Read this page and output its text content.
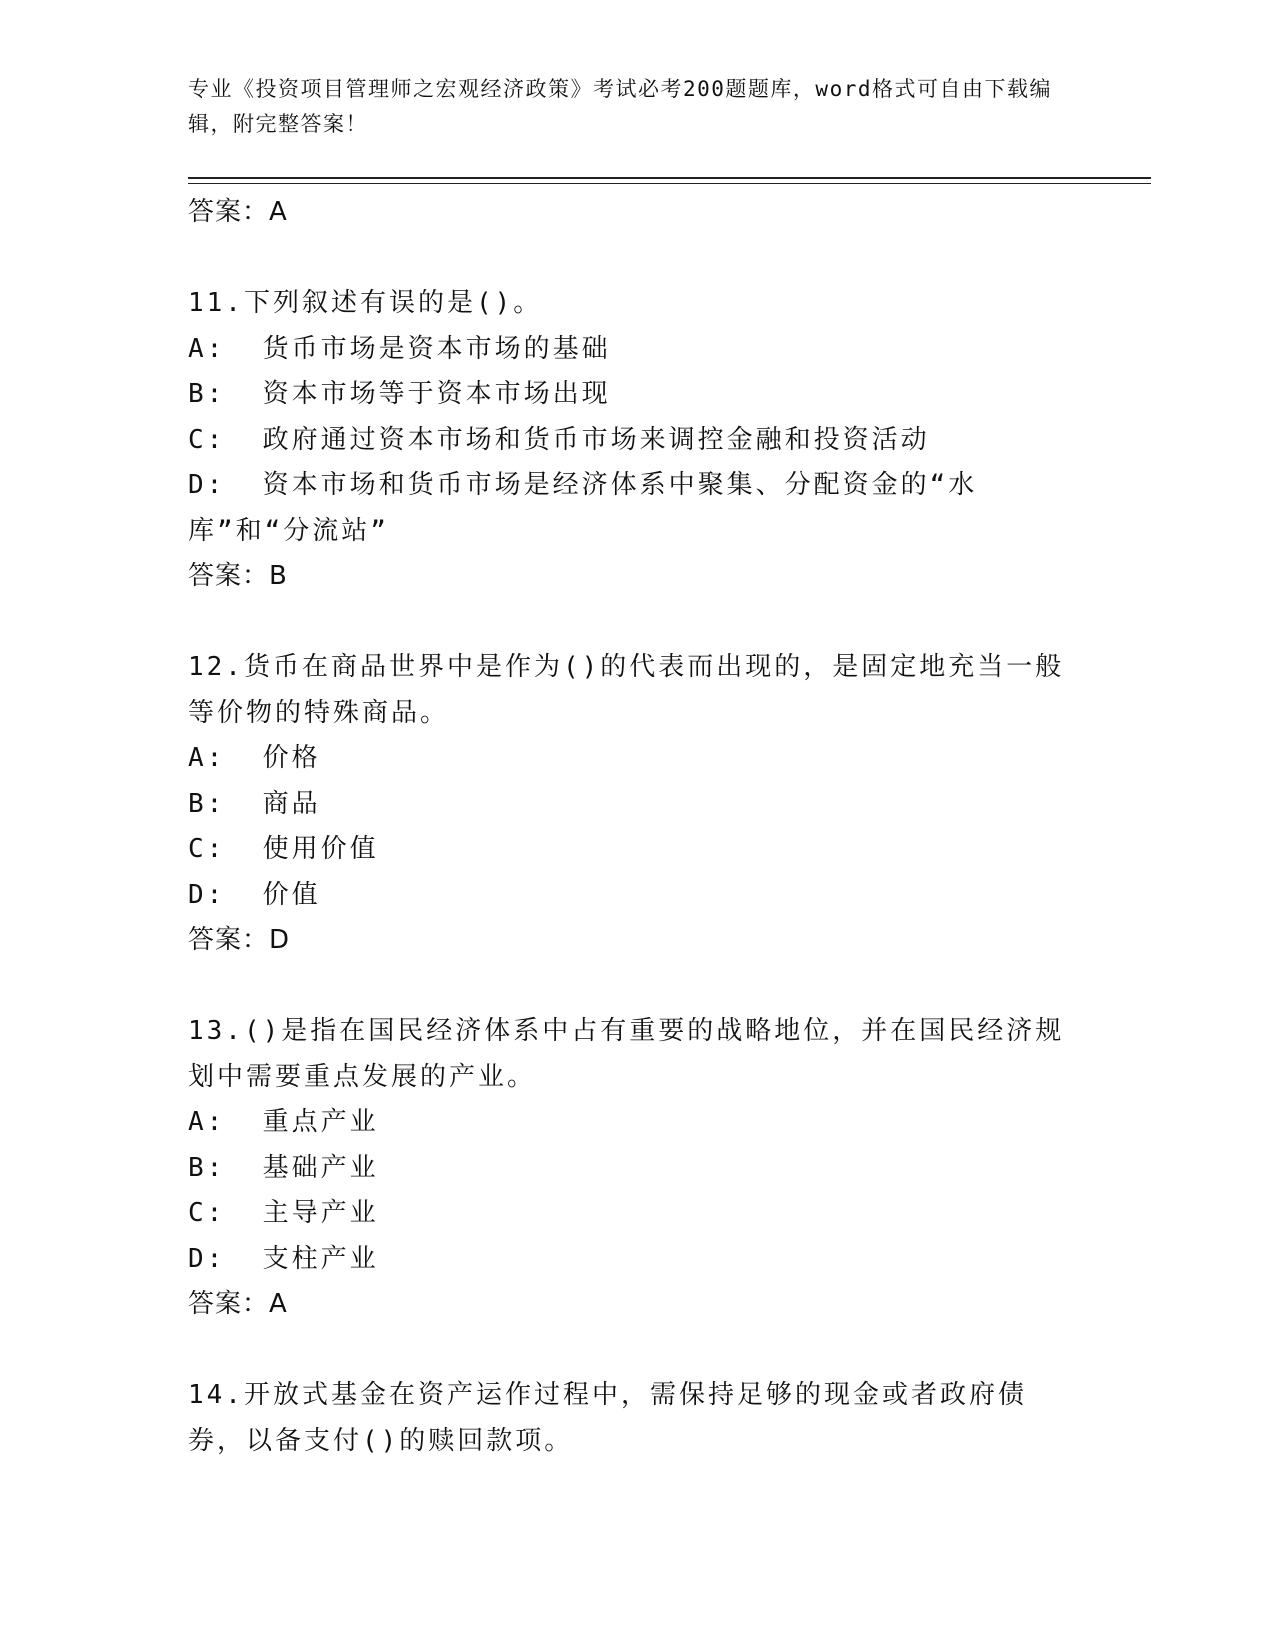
专业《投资项目管理师之宏观经济政策》考试必考200题题库，word格式可自由下载编辑，附完整答案！
答案：A
11.下列叙述有误的是()。
A:  货币市场是资本市场的基础
B:  资本市场等于资本市场出现
C:  政府通过资本市场和货币市场来调控金融和投资活动
D:  资本市场和货币市场是经济体系中聚集、分配资金的“水库”和“分流站”
答案：B
12.货币在商品世界中是作为()的代表而出现的，是固定地充当一般等价物的特殊商品。
A:  价格
B:  商品
C:  使用价值
D:  价值
答案：D
13.()是指在国民经济体系中占有重要的战略地位，并在国民经济规划中需要重点发展的产业。
A:  重点产业
B:  基础产业
C:  主导产业
D:  支柱产业
答案：A
14.开放式基金在资产运作过程中，需保持足够的现金或者政府债券，以备支付()的赎回款项。
